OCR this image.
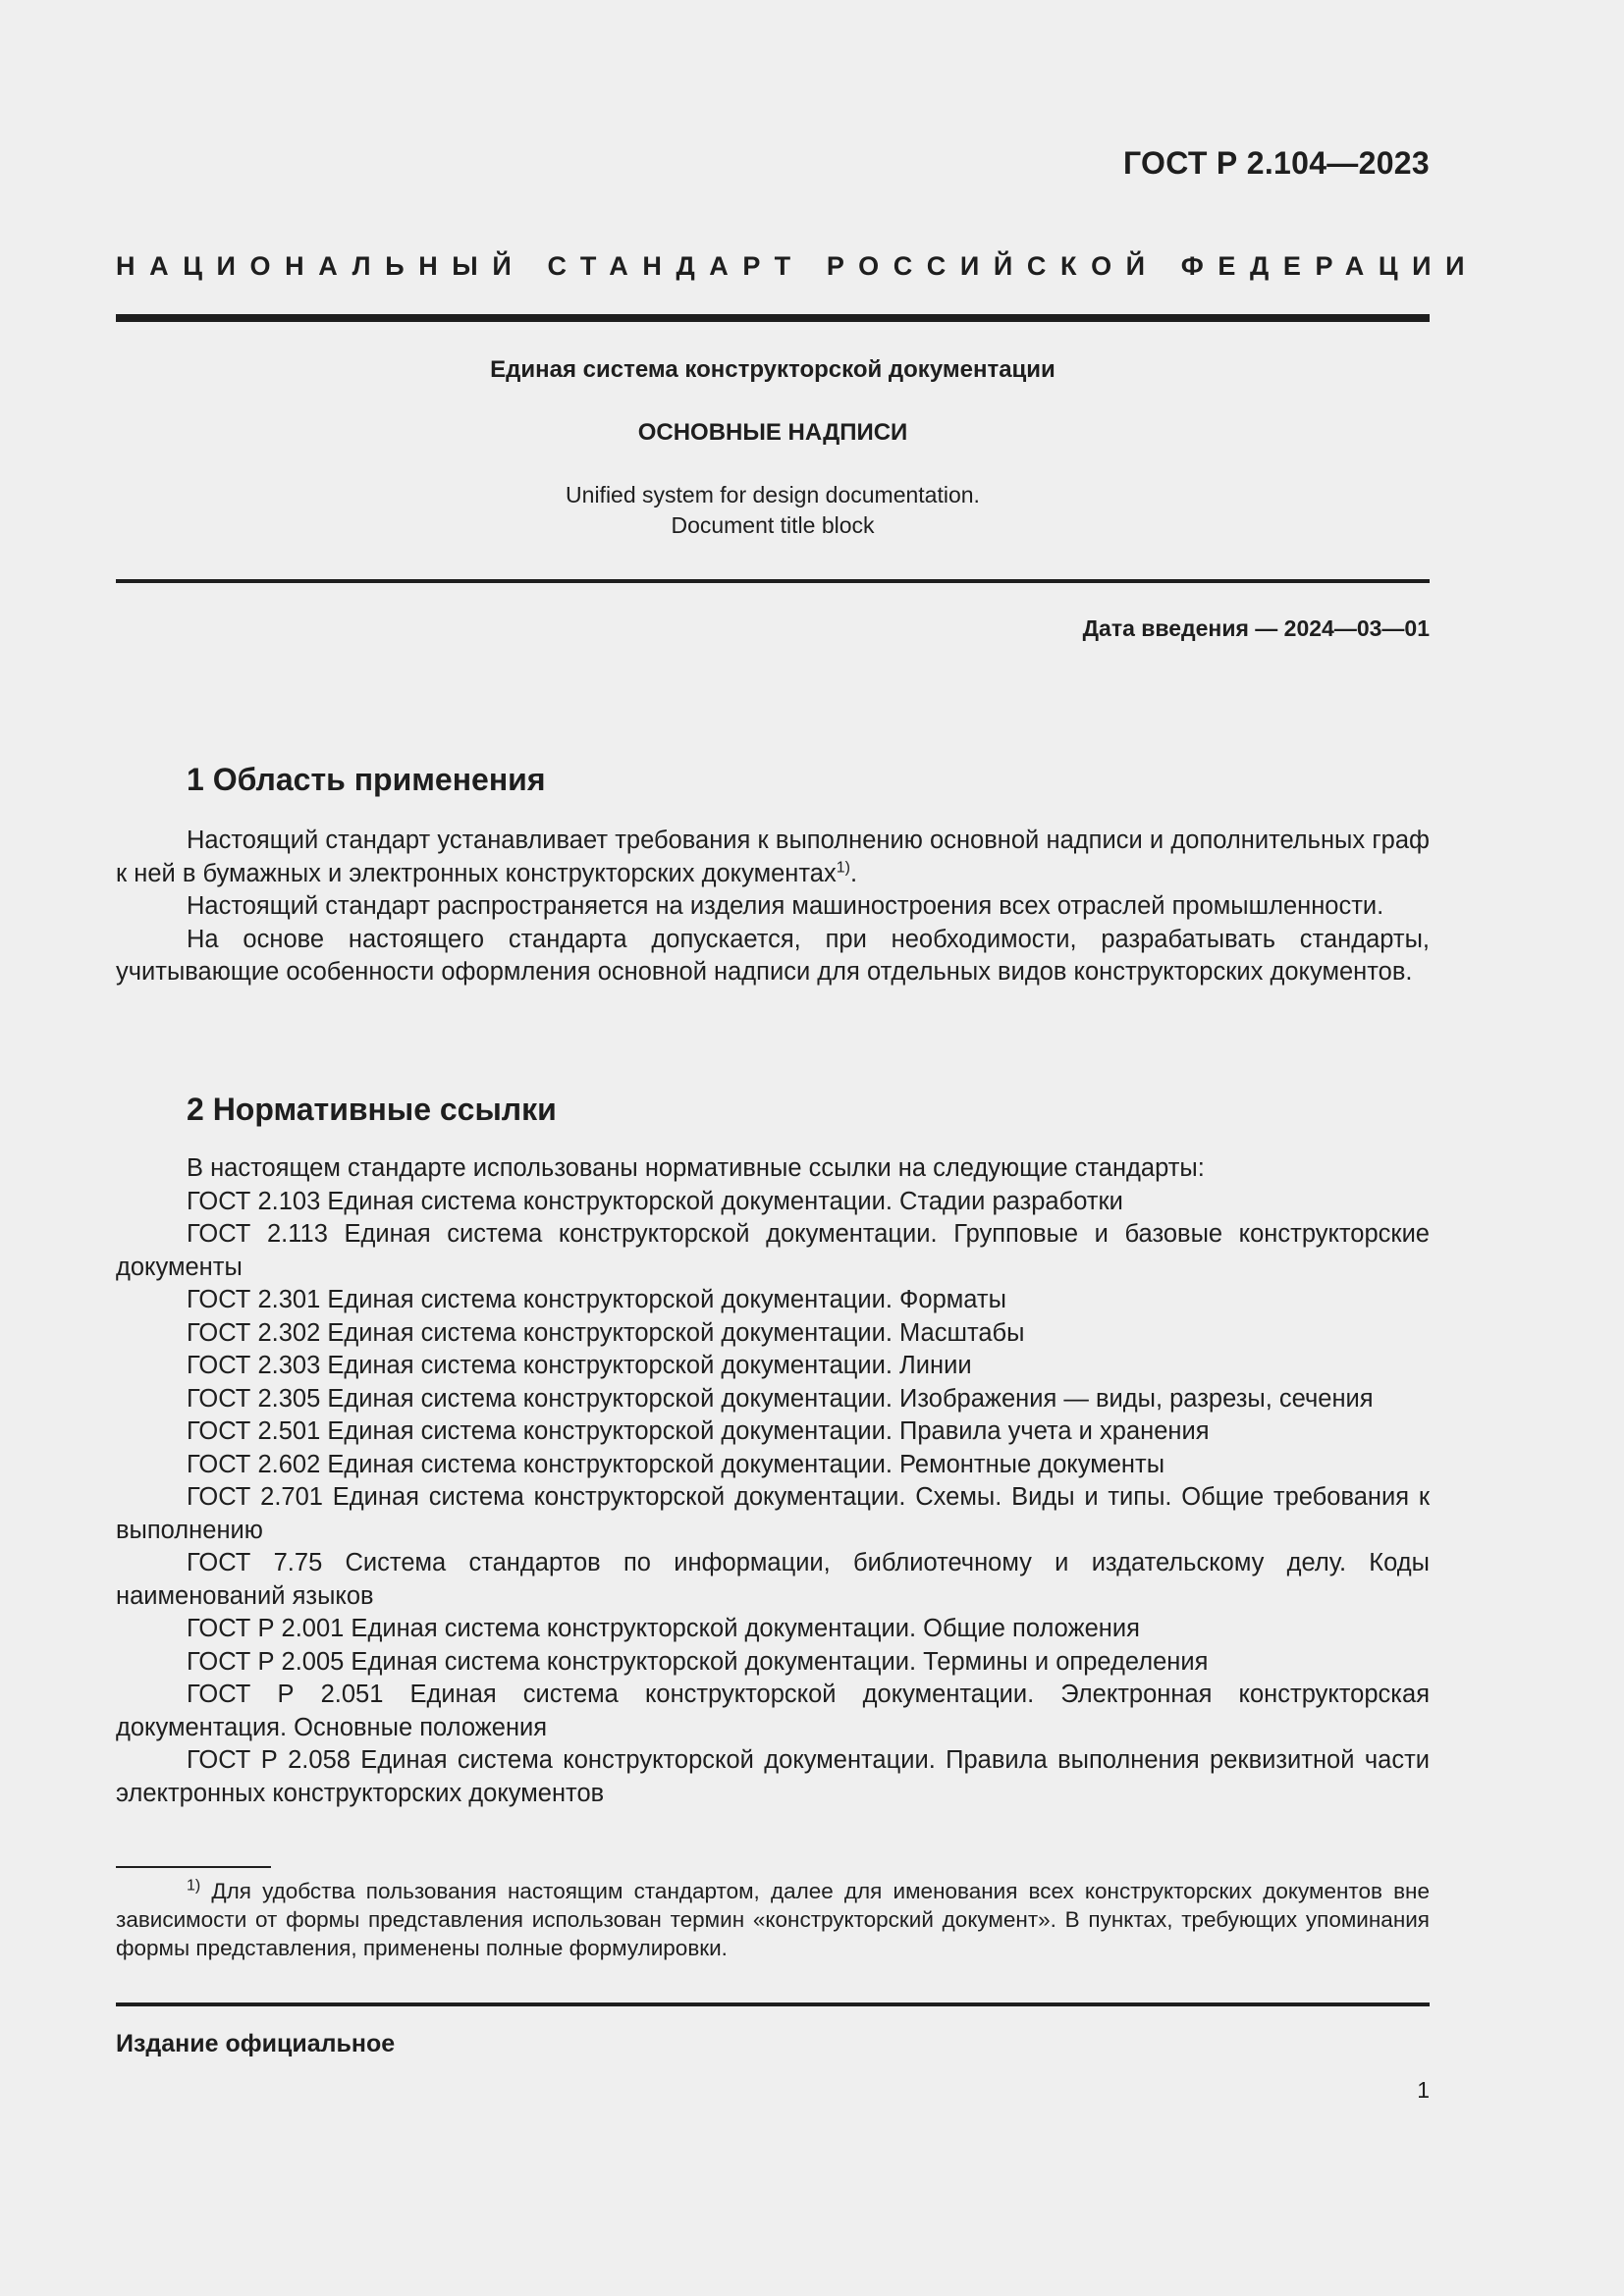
ГОСТ Р 2.104—2023
НАЦИОНАЛЬНЫЙ СТАНДАРТ РОССИЙСКОЙ ФЕДЕРАЦИИ
Единая система конструкторской документации
ОСНОВНЫЕ НАДПИСИ
Unified system for design documentation.
Document title block
Дата введения — 2024—03—01
1 Область применения

Настоящий стандарт устанавливает требования к выполнению основной надписи и дополнительных граф к ней в бумажных и электронных конструкторских документах$^{1)}$.

Настоящий стандарт распространяется на изделия машиностроения всех отраслей промышленности.

На основе настоящего стандарта допускается, при необходимости, разрабатывать стандарты, учитывающие особенности оформления основной надписи для отдельных видов конструкторских документов.

2 Нормативные ссылки

В настоящем стандарте использованы нормативные ссылки на следующие стандарты:

ГОСТ 2.103 Единая система конструкторской документации. Стадии разработки

ГОСТ 2.113 Единая система конструкторской документации. Групповые и базовые конструкторские документы

ГОСТ 2.301 Единая система конструкторской документации. Форматы

ГОСТ 2.302 Единая система конструкторской документации. Масштабы

ГОСТ 2.303 Единая система конструкторской документации. Линии

ГОСТ 2.305 Единая система конструкторской документации. Изображения — виды, разрезы, сечения

ГОСТ 2.501 Единая система конструкторской документации. Правила учета и хранения

ГОСТ 2.602 Единая система конструкторской документации. Ремонтные документы

ГОСТ 2.701 Единая система конструкторской документации. Схемы. Виды и типы. Общие требования к выполнению

ГОСТ 7.75 Система стандартов по информации, библиотечному и издательскому делу. Коды наименований языков

ГОСТ Р 2.001 Единая система конструкторской документации. Общие положения

ГОСТ Р 2.005 Единая система конструкторской документации. Термины и определения

ГОСТ Р 2.051 Единая система конструкторской документации. Электронная конструкторская документация. Основные положения

ГОСТ Р 2.058 Единая система конструкторской документации. Правила выполнения реквизитной части электронных конструкторских документов

$^{1)}$ Для удобства пользования настоящим стандартом, далее для именования всех конструкторских документов вне зависимости от формы представления использован термин «конструкторский документ». В пунктах, требующих упоминания формы представления, применены полные формулировки.

Издание официальное
1
